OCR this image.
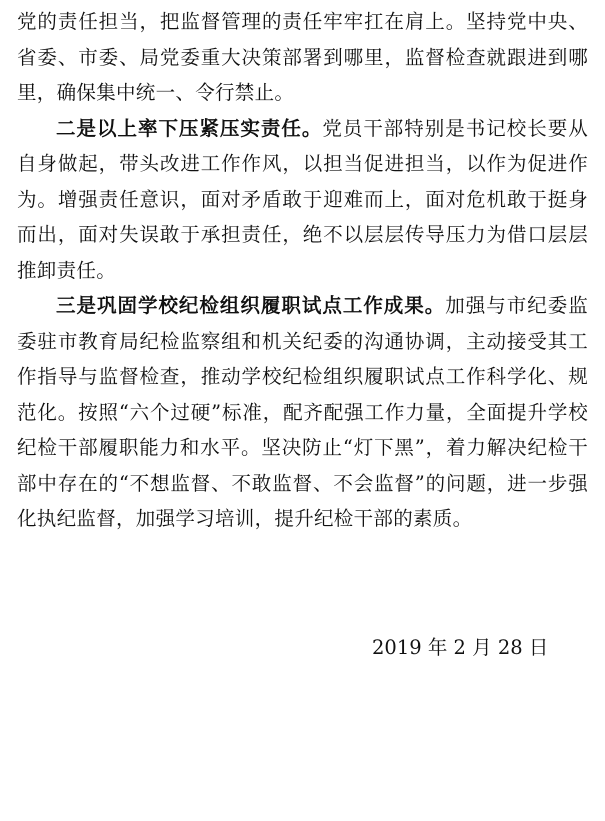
党的责任担当，把监督管理的责任牢牢扛在肩上。坚持党中央、省委、市委、局党委重大决策部署到哪里，监督检查就跟进到哪里，确保集中统一、令行禁止。

二是以上率下压紧压实责任。党员干部特别是书记校长要从自身做起，带头改进工作作风，以担当促进担当，以作为促进作为。增强责任意识，面对矛盾敢于迎难而上，面对危机敢于挺身而出，面对失误敢于承担责任，绝不以层层传导压力为借口层层推卸责任。

三是巩固学校纪检组织履职试点工作成果。加强与市纪委监委驻市教育局纪检监察组和机关纪委的沟通协调，主动接受其工作指导与监督检查，推动学校纪检组织履职试点工作科学化、规范化。按照“六个过硬”标准，配齐配强工作力量，全面提升学校纪检干部履职能力和水平。坚决防止“灯下黑”，着力解决纪检干部中存在的“不想监督、不敢监督、不会监督”的问题，进一步强化执纪监督，加强学习培训，提升纪检干部的素质。

2019 年 2 月 28 日
